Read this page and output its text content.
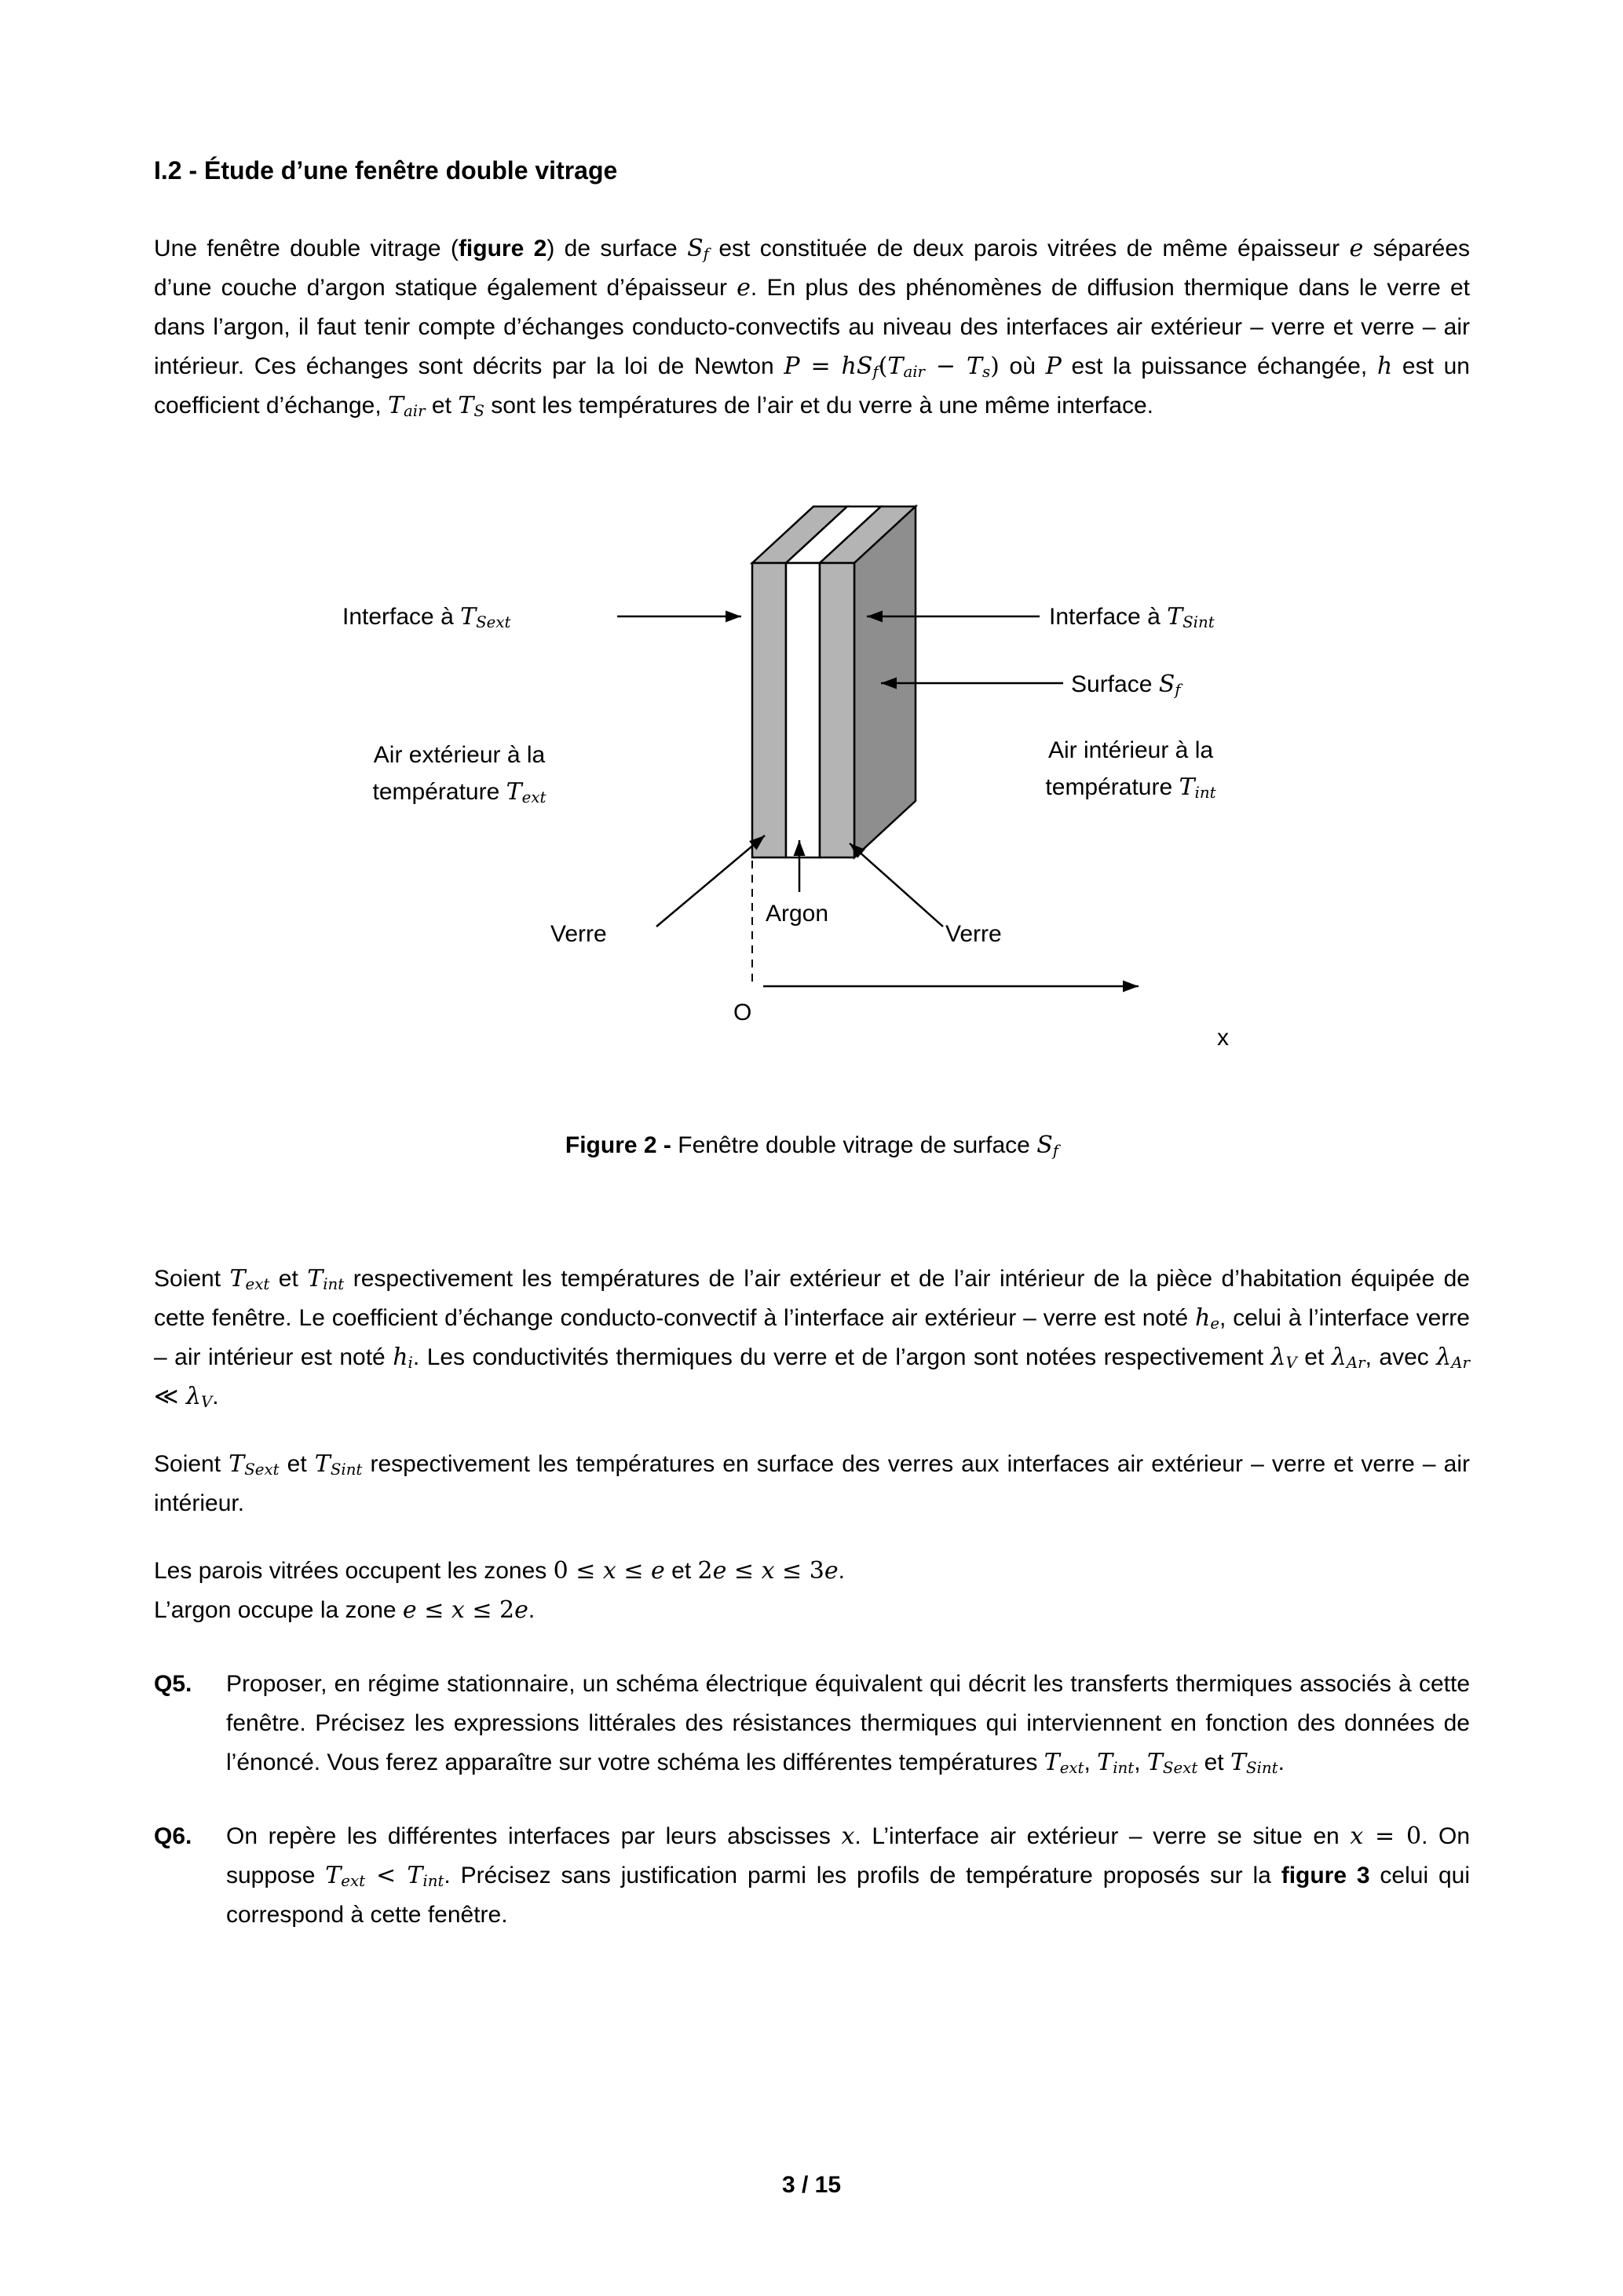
I.2 - Étude d’une fenêtre double vitrage

Une fenêtre double vitrage (figure 2) de surface $S_f$ est constituée de deux parois vitrées de même épaisseur e séparées d’une couche d’argon statique également d’épaisseur e. En plus des phénomènes de diffusion thermique dans le verre et dans l’argon, il faut tenir compte d’échanges conducto-convectifs au niveau des interfaces air extérieur – verre et verre – air intérieur. Ces échanges sont décrits par la loi de Newton $P = hS_f(T_{air} - T_s)$ où P est la puissance échangée, h est un coefficient d’échange, $T_{air}$ et $T_S$ sont les températures de l’air et du verre à une même interface.

Interface à $T_{Sext}$	Interface à $T_{Sint}$
Surface $S_f$
Air extérieur à la
température $T_{ext}$
Air intérieur à la
température $T_{int}$
Verre
Argon
Verre
O
x

Figure 2 - Fenêtre double vitrage de surface $S_f$

Soient $T_{ext}$ et $T_{int}$ respectivement les températures de l’air extérieur et de l’air intérieur de la pièce d’habitation équipée de cette fenêtre. Le coefficient d’échange conducto-convectif à l’interface air extérieur – verre est noté $h_e$, celui à l’interface verre – air intérieur est noté $h_i$. Les conductivités thermiques du verre et de l’argon sont notées respectivement $\lambda_V$ et $\lambda_{Ar}$, avec $\lambda_{Ar}$ ≪ $\lambda_V$.

Soient $T_{Sext}$ et $T_{Sint}$ respectivement les températures en surface des verres aux interfaces air extérieur – verre et verre – air intérieur.

Les parois vitrées occupent les zones 0 ≤ x ≤ e et 2e ≤ x ≤ 3e.
L’argon occupe la zone e ≤ x ≤ 2e.
Q5.	Proposer, en régime stationnaire, un schéma électrique équivalent qui décrit les transferts thermiques associés à cette fenêtre. Précisez les expressions littérales des résistances thermiques qui interviennent en fonction des données de l’énoncé. Vous ferez apparaître sur votre schéma les différentes températures $T_{ext}$, $T_{int}$, $T_{Sext}$ et $T_{Sint}$.
Q6.	On repère les différentes interfaces par leurs abscisses x. L’interface air extérieur – verre se situe en x = 0. On suppose $T_{ext} < T_{int}$. Précisez sans justification parmi les profils de température proposés sur la figure 3 celui qui correspond à cette fenêtre.
3 / 15
